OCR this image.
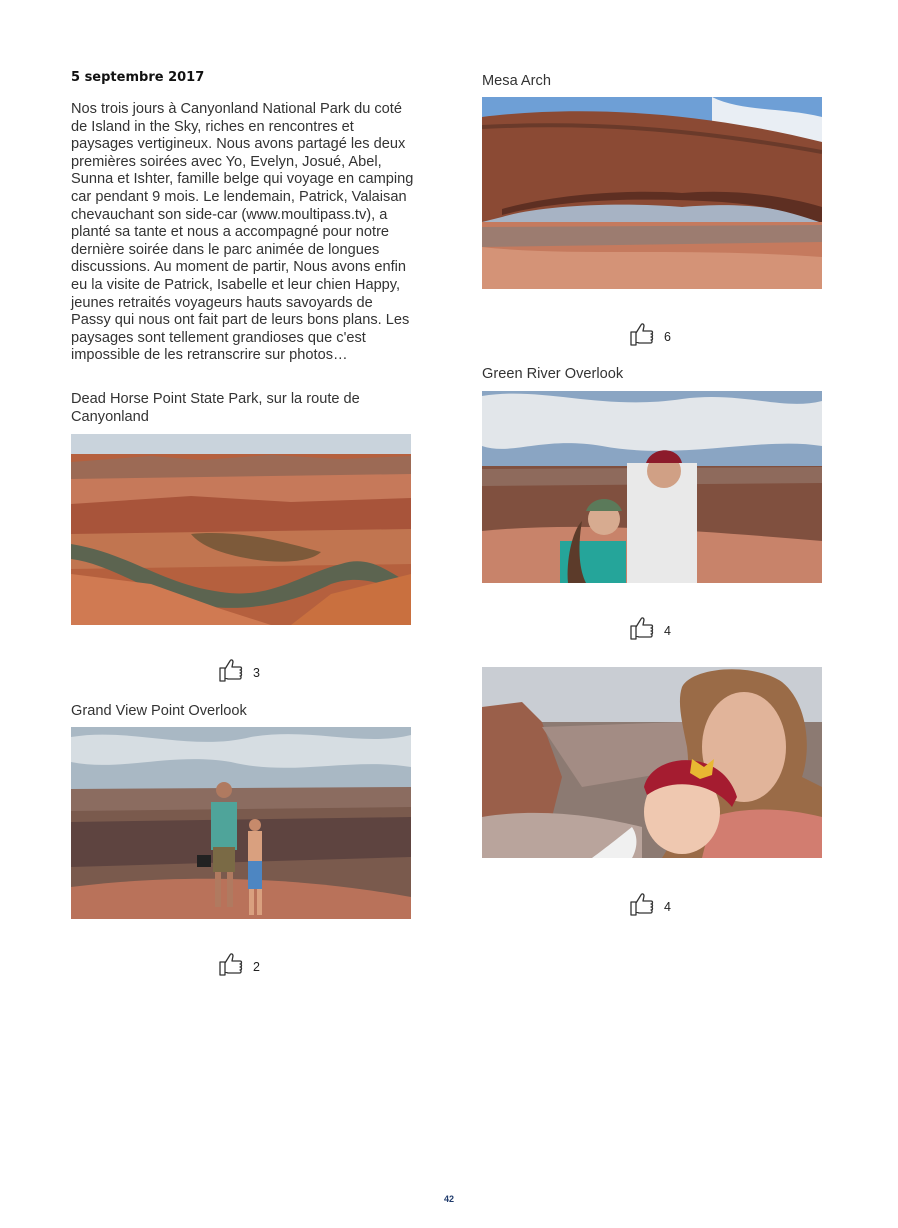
5 septembre 2017
Nos trois jours à Canyonland National Park du coté de Island in the Sky, riches en rencontres et paysages vertigineux. Nous avons partagé les deux premières soirées avec Yo, Evelyn, Josué, Abel, Sunna et Ishter, famille belge qui voyage en camping car pendant 9 mois. Le lendemain, Patrick, Valaisan chevauchant son side-car (www.moultipass.tv), a planté sa tante et nous a accompagné pour notre dernière soirée dans le parc animée de longues discussions. Au moment de partir, Nous avons enfin eu la visite de Patrick, Isabelle et leur chien Happy, jeunes retraités voyageurs hauts savoyards de Passy qui nous ont fait part de leurs bons plans. Les paysages sont tellement grandioses que c'est impossible de les retranscrire sur photos…
Dead Horse Point State Park, sur la route de Canyonland
3
Grand View Point Overlook
2
Mesa Arch
6
Green River Overlook
4
4
42
